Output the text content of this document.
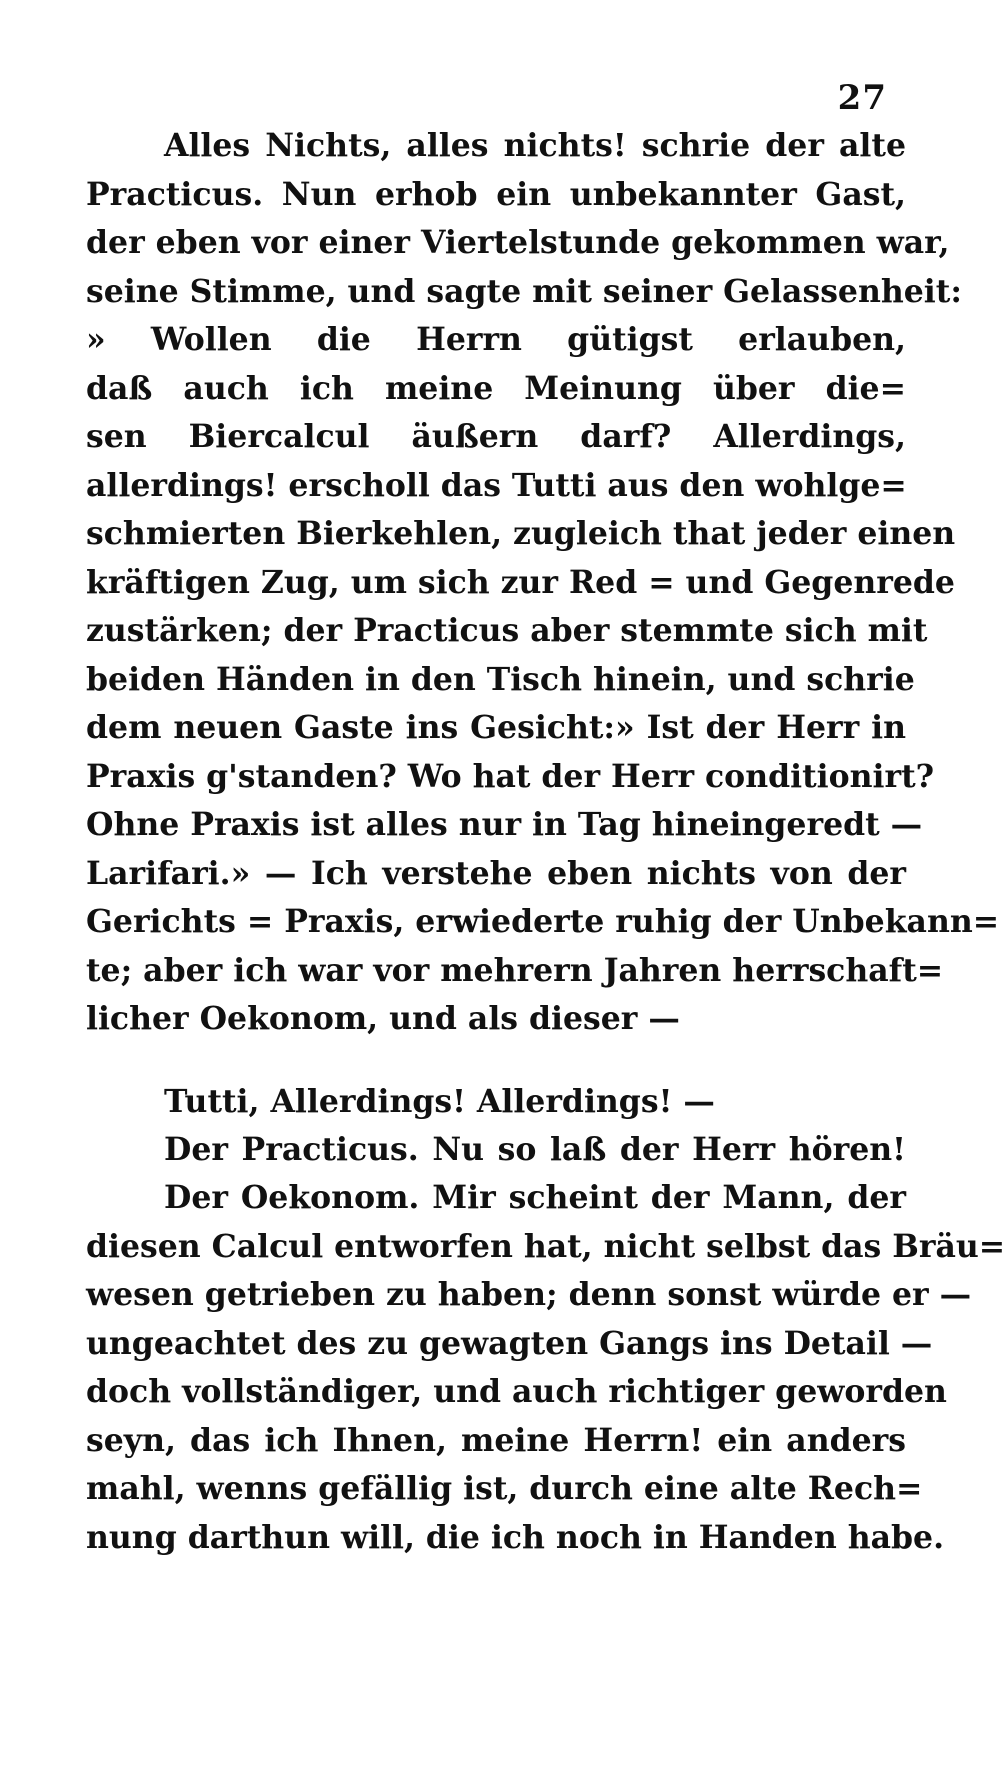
27
Alles Nichts, alles nichts! schrie der alte
Practicus. Nun erhob ein unbekannter Gast,
der eben vor einer Viertelstunde gekommen war,
seine Stimme, und sagte mit seiner Gelassenheit:
» Wollen die Herrn gütigst erlauben,
daß auch ich meine Meinung über die=
sen Biercalcul äußern darf? Allerdings,
allerdings! erscholl das Tutti aus den wohlge=
schmierten Bierkehlen, zugleich that jeder einen
kräftigen Zug, um sich zur Red = und Gegenrede
zustärken; der Practicus aber stemmte sich mit
beiden Händen in den Tisch hinein, und schrie
dem neuen Gaste ins Gesicht:» Ist der Herr in
Praxis g'standen? Wo hat der Herr conditionirt?
Ohne Praxis ist alles nur in Tag hineingeredt —
Larifari.» — Ich verstehe eben nichts von der
Gerichts = Praxis, erwiederte ruhig der Unbekann=
te; aber ich war vor mehrern Jahren herrschaft=
licher Oekonom, und als dieser —
Tutti, Allerdings! Allerdings! —
Der Practicus. Nu so laß der Herr hören!
Der Oekonom. Mir scheint der Mann, der
diesen Calcul entworfen hat, nicht selbst das Bräu=
wesen getrieben zu haben; denn sonst würde er —
ungeachtet des zu gewagten Gangs ins Detail —
doch vollständiger, und auch richtiger geworden
seyn, das ich Ihnen, meine Herrn! ein anders
mahl, wenns gefällig ist, durch eine alte Rech=
nung darthun will, die ich noch in Handen habe.
